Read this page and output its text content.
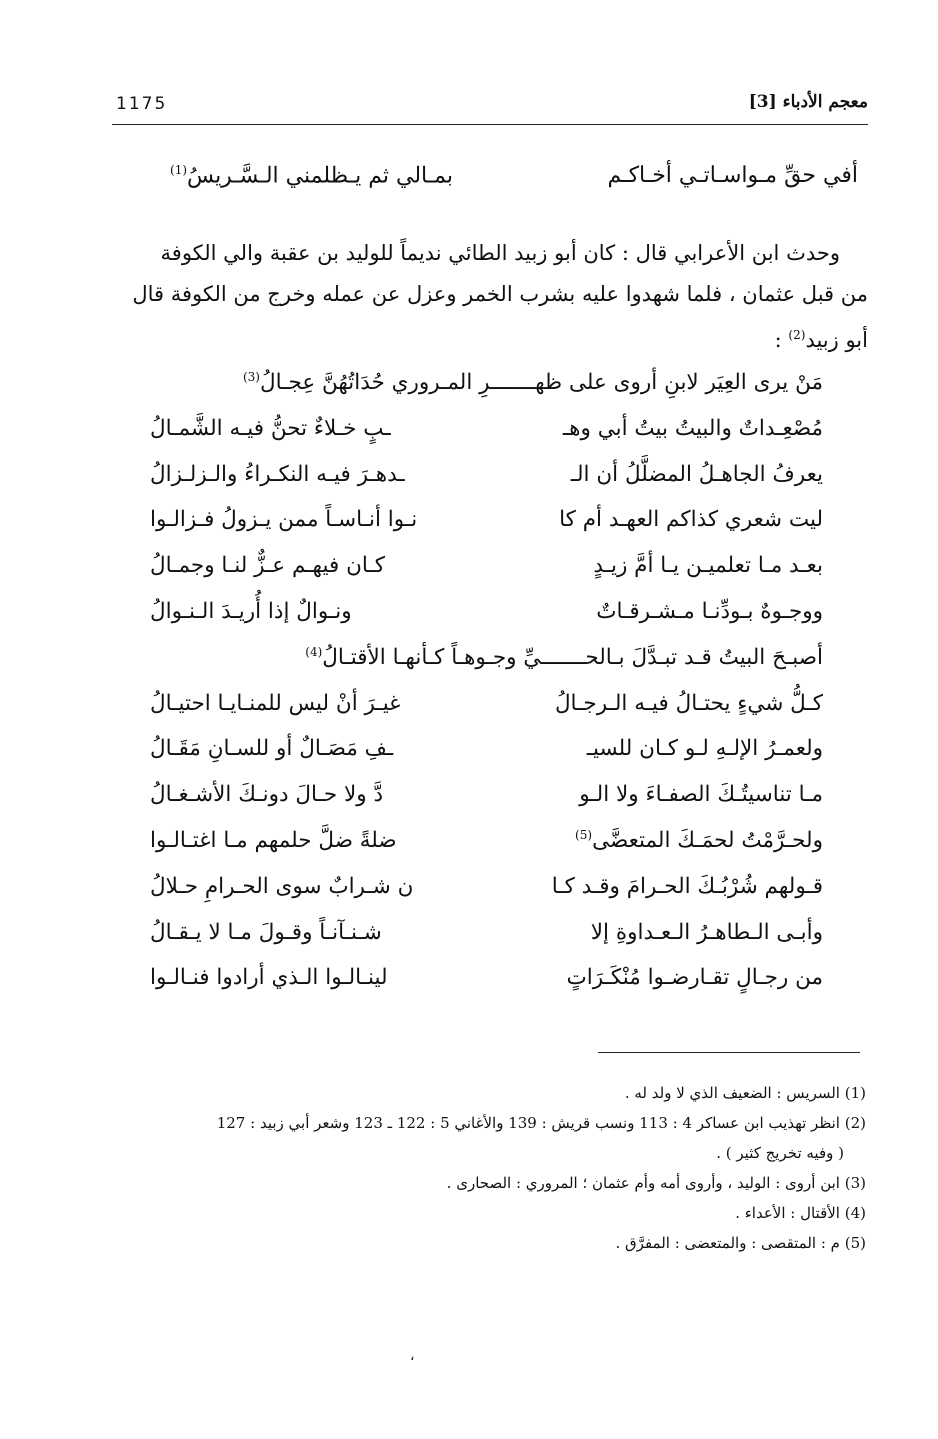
1175	معجم الأدباء [3]
أفي حقِّ مـواسـاتـي أخـاكـم
بمـالي ثم يـظلمني الـسَّـريسُ$^{(1)}$

وحدث ابن الأعرابي قال : كان أبو زبيد الطائي نديماً للوليد بن عقبة والي الكوفة

من قبل عثمان ، فلما شهدوا عليه بشرب الخمر وعزل عن عمله وخرج من الكوفة قال

أبو زبيد$^{(2)}$ :

مَنْ يرى العِيَر لابنِ أروى على ظهـــــــرِ المـروري حُدَاتُهُنَّ عِجـالُ$^{(3)}$
مُصْعِـداتٌ والبيتُ بيتُ أبي وهـ
ـبٍ خـلاءٌ تحنُّ فيـه الشَّمـالُ
يعرفُ الجاهـلُ المضلَّلُ أن الـ
ـدهـرَ فيـه النكـراءُ والـزلـزالُ
ليت شعري كذاكم العهـد أم كا
نـوا أنـاسـاً ممن يـزولُ فـزالـوا
بعـد مـا تعلميـن يـا أمَّ زيـدٍ
كـان فيهـم عـزٌّ لنـا وجمـالُ
ووجـوهٌ بـودِّنـا مـشـرقـاتٌ
ونـوالٌ إذا أُريـدَ الـنـوالُ
أصبـحَ البيتُ قـد تبـدَّلَ بـالحـــــــيِّ وجـوهـاً كـأنهـا الأقتـالُ$^{(4)}$
كـلُّ شيءٍ يحتـالُ فيـه الـرجـالُ
غيـرَ أنْ ليس للمنـايـا احتيـالُ
ولعمـرُ الإلـهِ لـو كـان للسيـ
ـفِ مَصَـالٌ أو للسـانِ مَقَـالُ
مـا تناسيتُـكَ الصفـاءَ ولا الـو
دَّ ولا حـالَ دونـكَ الأشـغـالُ
ولحـرَّمْتُ لحمَـكَ المتعضَّى$^{(5)}$
ضلةً ضلَّ حلمهم مـا اغتـالـوا
قـولهم شُرْبُـكَ الحـرامَ وقـد كـا
ن شـرابٌ سوى الحـرامِ حـلالُ
وأبـى الـطاهـرُ الـعـداوةِ إلا
شـنـآنـاً وقـولَ مـا لا يـقـالُ
من رجـالٍ تقـارضـوا مُنْكَـرَاتٍ
لينـالـوا الـذي أرادوا فنـالـوا

(1) السريس : الضعيف الذي لا ولد له .

(2) انظر تهذيب ابن عساكر 4 : 113 ونسب قريش : 139 والأغاني 5 : 122 ـ 123 وشعر أبي زبيد : 127

( وفيه تخريج كثير ) .

(3) ابن أروى : الوليد ، وأروى أمه وأم عثمان ؛ المروري : الصحارى .

(4) الأقتال : الأعداء .

(5) م : المتقصى : والمتعضى : المفرَّق .

،
